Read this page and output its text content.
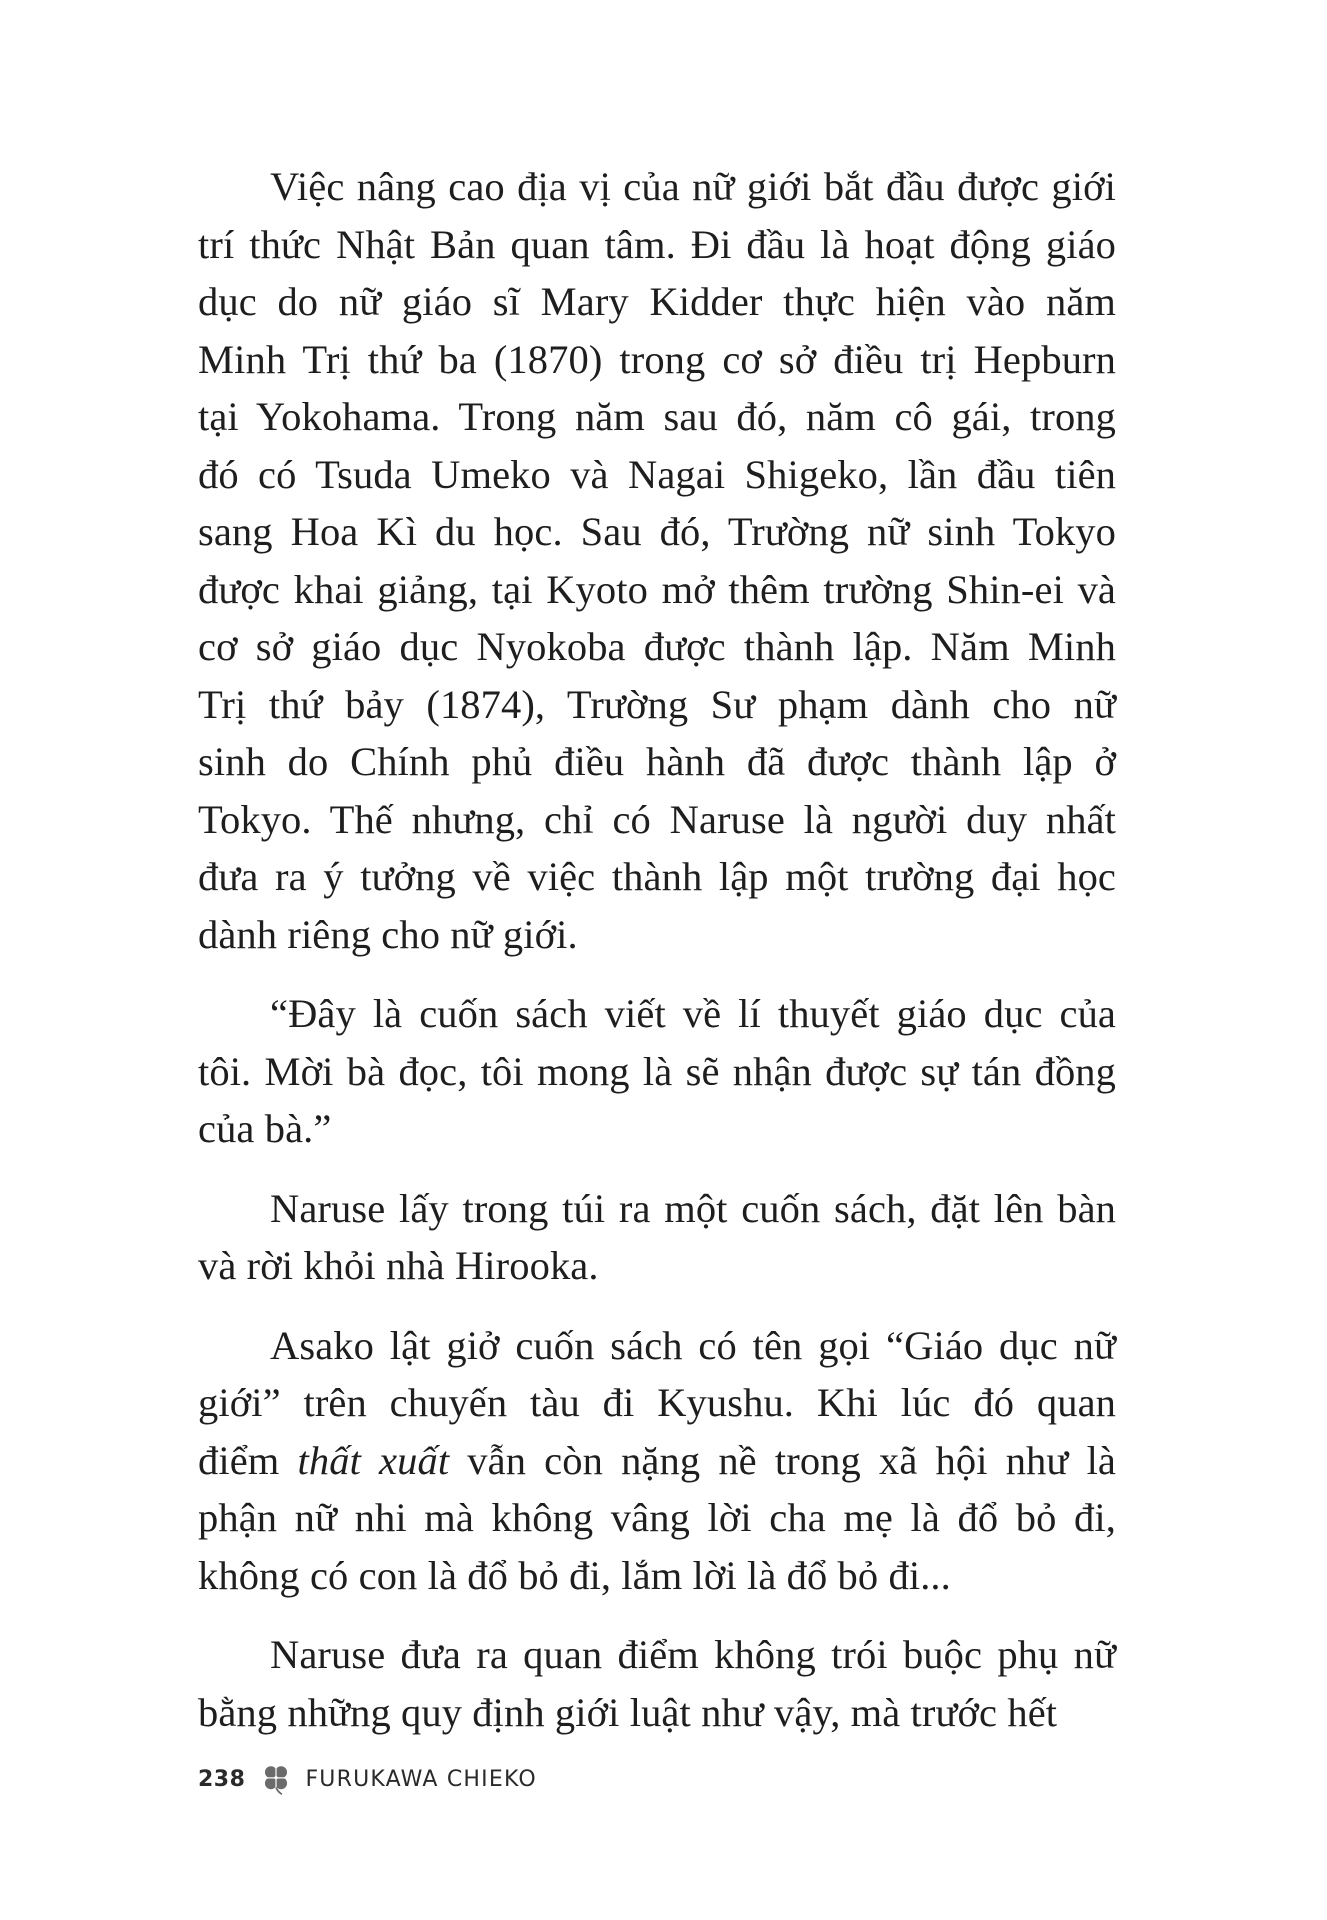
Việc nâng cao địa vị của nữ giới bắt đầu được giới
trí thức Nhật Bản quan tâm. Đi đầu là hoạt động giáo
dục do nữ giáo sĩ Mary Kidder thực hiện vào năm
Minh Trị thứ ba (1870) trong cơ sở điều trị Hepburn
tại Yokohama. Trong năm sau đó, năm cô gái, trong
đó có Tsuda Umeko và Nagai Shigeko, lần đầu tiên
sang Hoa Kì du học. Sau đó, Trường nữ sinh Tokyo
được khai giảng, tại Kyoto mở thêm trường Shin-ei và
cơ sở giáo dục Nyokoba được thành lập. Năm Minh
Trị thứ bảy (1874), Trường Sư phạm dành cho nữ
sinh do Chính phủ điều hành đã được thành lập ở
Tokyo. Thế nhưng, chỉ có Naruse là người duy nhất
đưa ra ý tưởng về việc thành lập một trường đại học
dành riêng cho nữ giới.
“Đây là cuốn sách viết về lí thuyết giáo dục của
tôi. Mời bà đọc, tôi mong là sẽ nhận được sự tán đồng
của bà.”
Naruse lấy trong túi ra một cuốn sách, đặt lên bàn
và rời khỏi nhà Hirooka.
Asako lật giở cuốn sách có tên gọi “Giáo dục nữ
giới” trên chuyến tàu đi Kyushu. Khi lúc đó quan
điểm thất xuất vẫn còn nặng nề trong xã hội như là
phận nữ nhi mà không vâng lời cha mẹ là đổ bỏ đi,
không có con là đổ bỏ đi, lắm lời là đổ bỏ đi...
Naruse đưa ra quan điểm không trói buộc phụ nữ
bằng những quy định giới luật như vậy, mà trước hết
238	FURUKAWA CHIEKO
